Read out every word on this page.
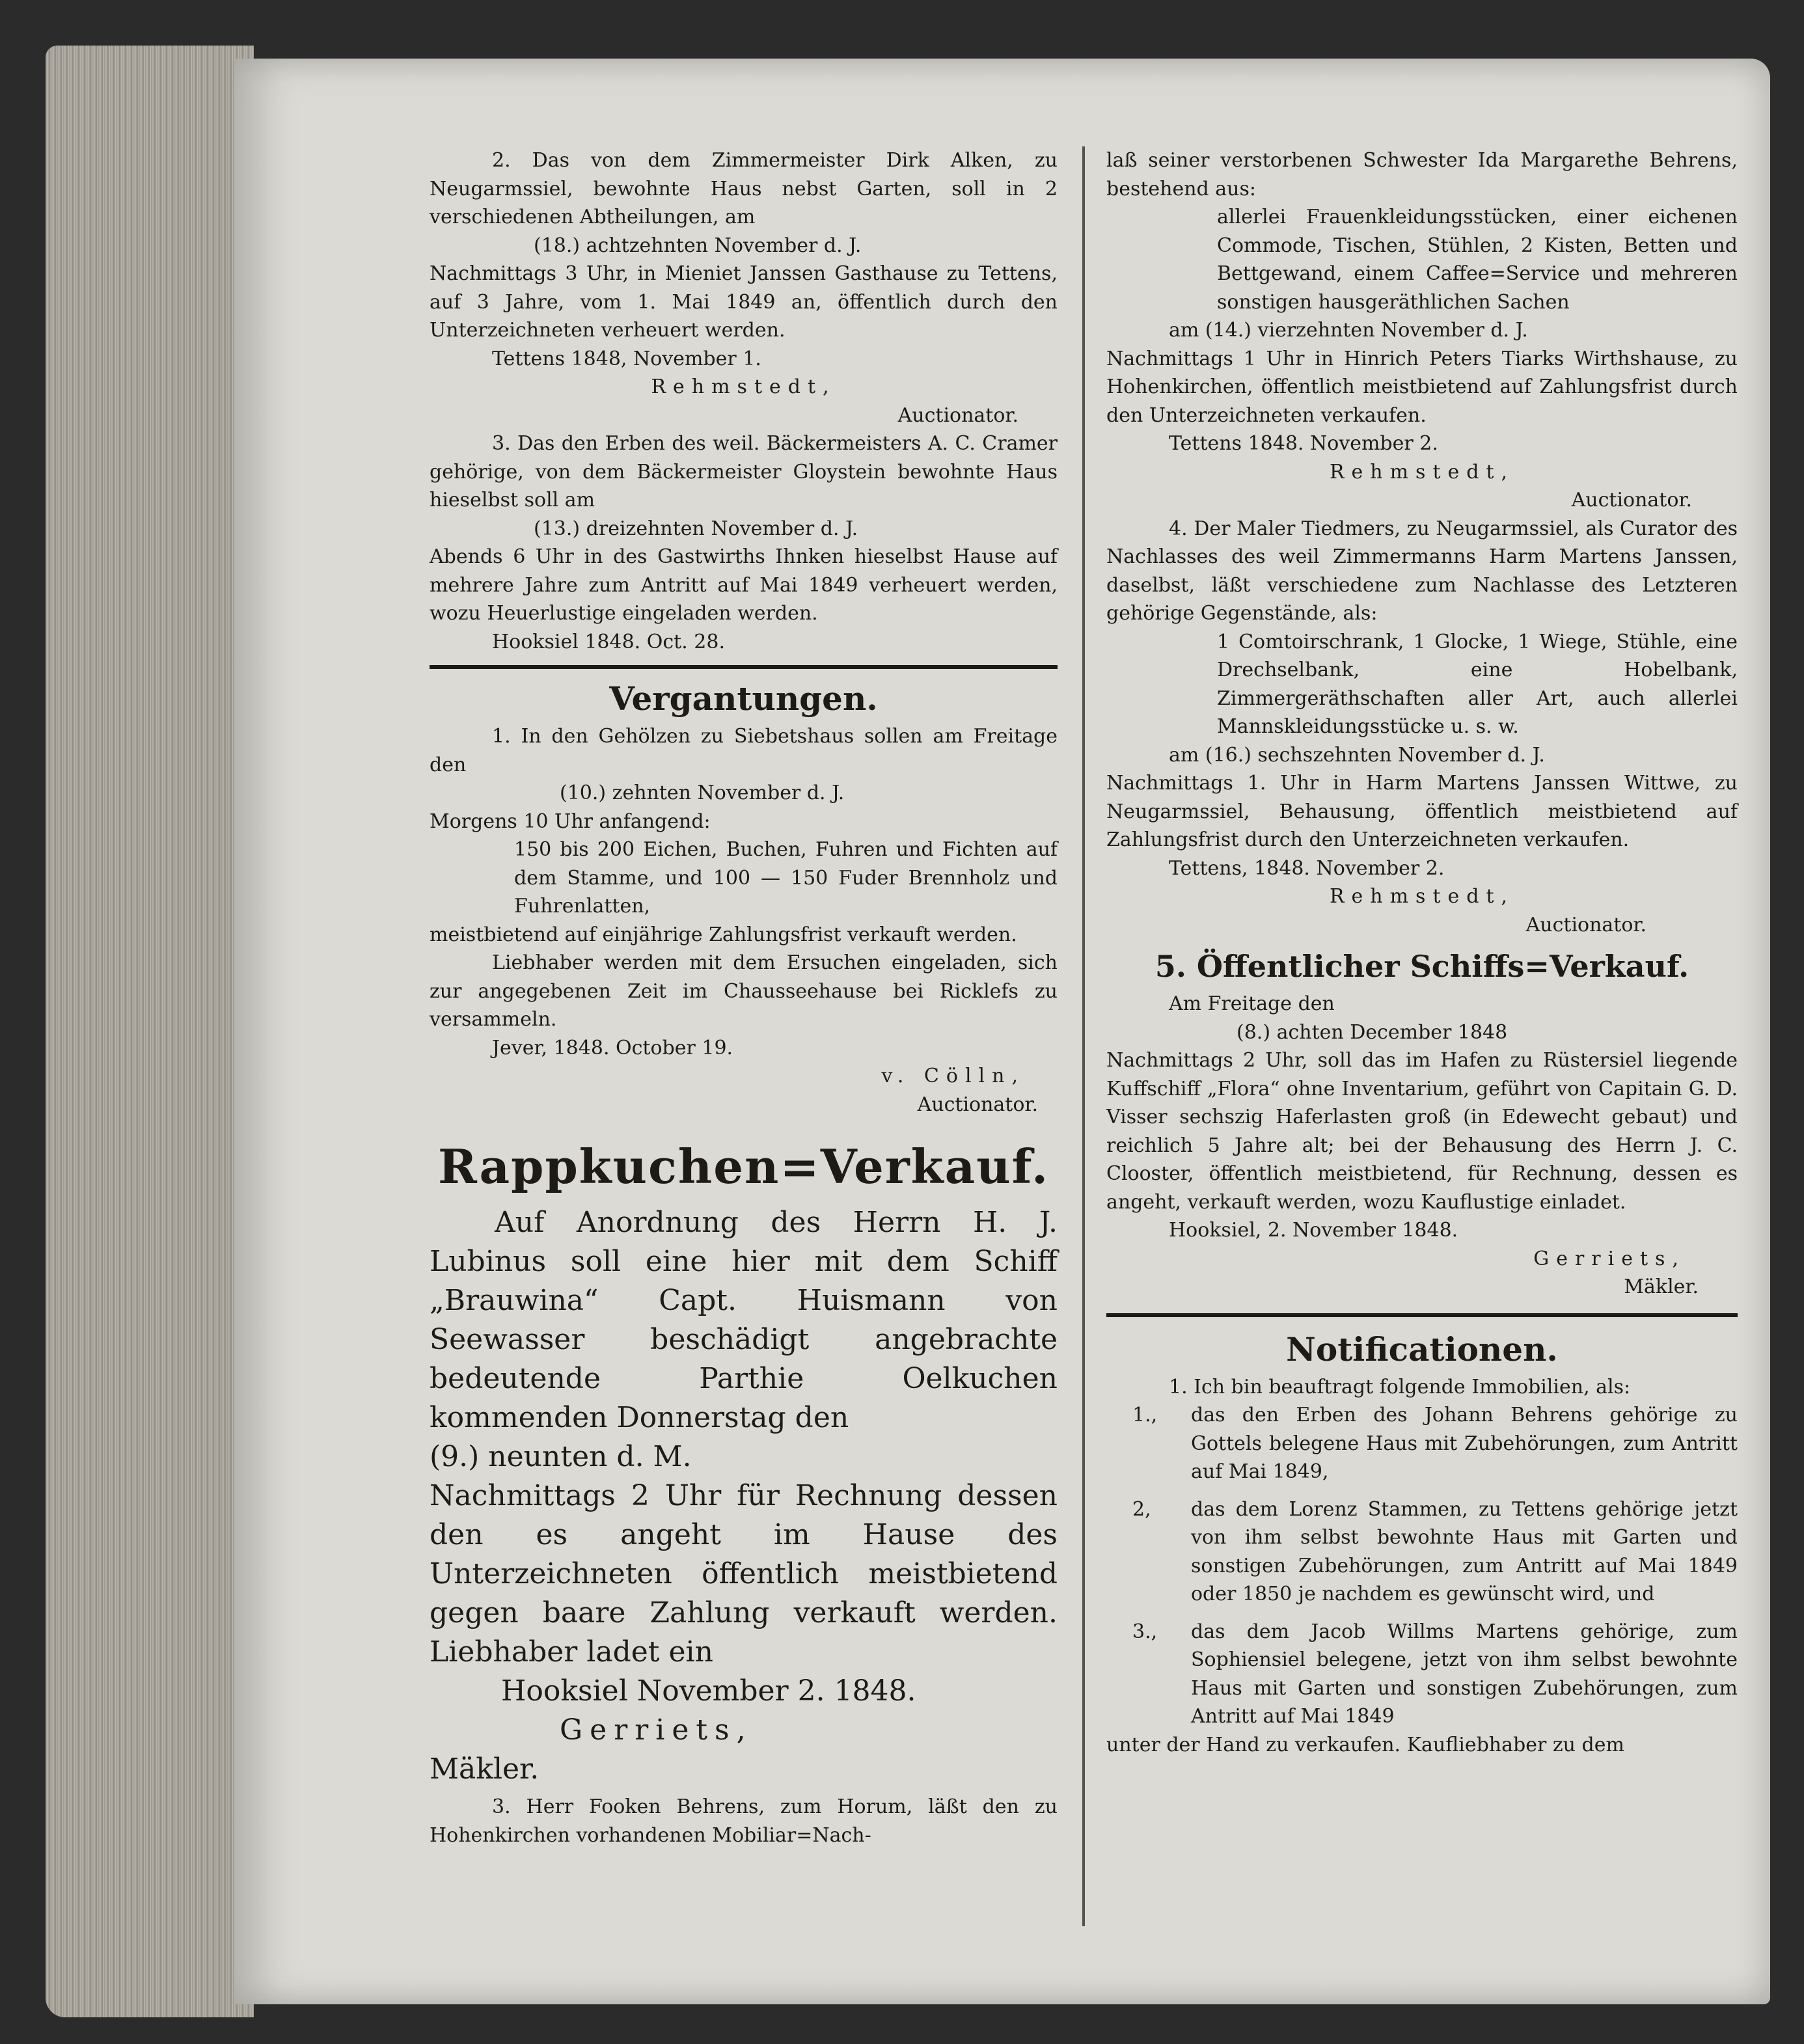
2. Das von dem Zimmermeister Dirk Alken, zu Neugarmssiel, bewohnte Haus nebst Garten, soll in 2 verschiedenen Abtheilungen, am

(18.) achtzehnten November d. J.

Nachmittags 3 Uhr, in Mieniet Janssen Gasthause zu Tettens, auf 3 Jahre, vom 1. Mai 1849 an, öffentlich durch den Unterzeichneten verheuert werden.

Tettens 1848, November 1.

Rehmstedt,

Auctionator.

3. Das den Erben des weil. Bäckermeisters A. C. Cramer gehörige, von dem Bäckermeister Gloystein bewohnte Haus hieselbst soll am

(13.) dreizehnten November d. J.

Abends 6 Uhr in des Gastwirths Ihnken hieselbst Hause auf mehrere Jahre zum Antritt auf Mai 1849 verheuert werden, wozu Heuerlustige eingeladen werden.

Hooksiel 1848. Oct. 28.

Vergantungen.

1. In den Gehölzen zu Siebetshaus sollen am Freitage den

(10.) zehnten November d. J.

Morgens 10 Uhr anfangend:

150 bis 200 Eichen, Buchen, Fuhren und Fichten auf dem Stamme, und 100 — 150 Fuder Brennholz und Fuhrenlatten,

meistbietend auf einjährige Zahlungsfrist verkauft werden.

Liebhaber werden mit dem Ersuchen eingeladen, sich zur angegebenen Zeit im Chausseehause bei Ricklefs zu versammeln.

Jever, 1848. October 19.

v. Cölln,

Auctionator.

Rappkuchen=Verkauf.

Auf Anordnung des Herrn H. J. Lubinus soll eine hier mit dem Schiff „Brauwina“ Capt. Huismann von Seewasser beschädigt angebrachte bedeutende Parthie Oelkuchen kommenden Donnerstag den

(9.) neunten d. M.

Nachmittags 2 Uhr für Rechnung dessen den es angeht im Hause des Unterzeichneten öffentlich meistbietend gegen baare Zahlung verkauft werden. Liebhaber ladet ein

Hooksiel November 2. 1848.

Gerriets,

Mäkler.

3. Herr Fooken Behrens, zum Horum, läßt den zu Hohenkirchen vorhandenen Mobiliar=Nach-

laß seiner verstorbenen Schwester Ida Margarethe Behrens, bestehend aus:

allerlei Frauenkleidungsstücken, einer eichenen Commode, Tischen, Stühlen, 2 Kisten, Betten und Bettgewand, einem Caffee=Service und mehreren sonstigen hausgeräthlichen Sachen

am (14.) vierzehnten November d. J.

Nachmittags 1 Uhr in Hinrich Peters Tiarks Wirthshause, zu Hohenkirchen, öffentlich meistbietend auf Zahlungsfrist durch den Unterzeichneten verkaufen.

Tettens 1848. November 2.

Rehmstedt,

Auctionator.

4. Der Maler Tiedmers, zu Neugarmssiel, als Curator des Nachlasses des weil Zimmermanns Harm Martens Janssen, daselbst, läßt verschiedene zum Nachlasse des Letzteren gehörige Gegenstände, als:

1 Comtoirschrank, 1 Glocke, 1 Wiege, Stühle, eine Drechselbank, eine Hobelbank, Zimmergeräthschaften aller Art, auch allerlei Mannskleidungsstücke u. s. w.

am (16.) sechszehnten November d. J.

Nachmittags 1. Uhr in Harm Martens Janssen Wittwe, zu Neugarmssiel, Behausung, öffentlich meistbietend auf Zahlungsfrist durch den Unterzeichneten verkaufen.

Tettens, 1848. November 2.

Rehmstedt,

Auctionator.

5. Öffentlicher Schiffs=Verkauf.

Am Freitage den

(8.) achten December 1848

Nachmittags 2 Uhr, soll das im Hafen zu Rüstersiel liegende Kuffschiff „Flora“ ohne Inventarium, geführt von Capitain G. D. Visser sechszig Haferlasten groß (in Edewecht gebaut) und reichlich 5 Jahre alt; bei der Behausung des Herrn J. C. Clooster, öffentlich meistbietend, für Rechnung, dessen es angeht, verkauft werden, wozu Kauflustige einladet.

Hooksiel, 2. November 1848.

Gerriets,

Mäkler.

Notificationen.

1. Ich bin beauftragt folgende Immobilien, als:

1.,	das den Erben des Johann Behrens gehörige zu Gottels belegene Haus mit Zubehörungen, zum Antritt auf Mai 1849,
2,	das dem Lorenz Stammen, zu Tettens gehörige jetzt von ihm selbst bewohnte Haus mit Garten und sonstigen Zubehörungen, zum Antritt auf Mai 1849 oder 1850 je nachdem es gewünscht wird, und
3.,	das dem Jacob Willms Martens gehörige, zum Sophiensiel belegene, jetzt von ihm selbst bewohnte Haus mit Garten und sonstigen Zubehörungen, zum Antritt auf Mai 1849

unter der Hand zu verkaufen. Kaufliebhaber zu dem
